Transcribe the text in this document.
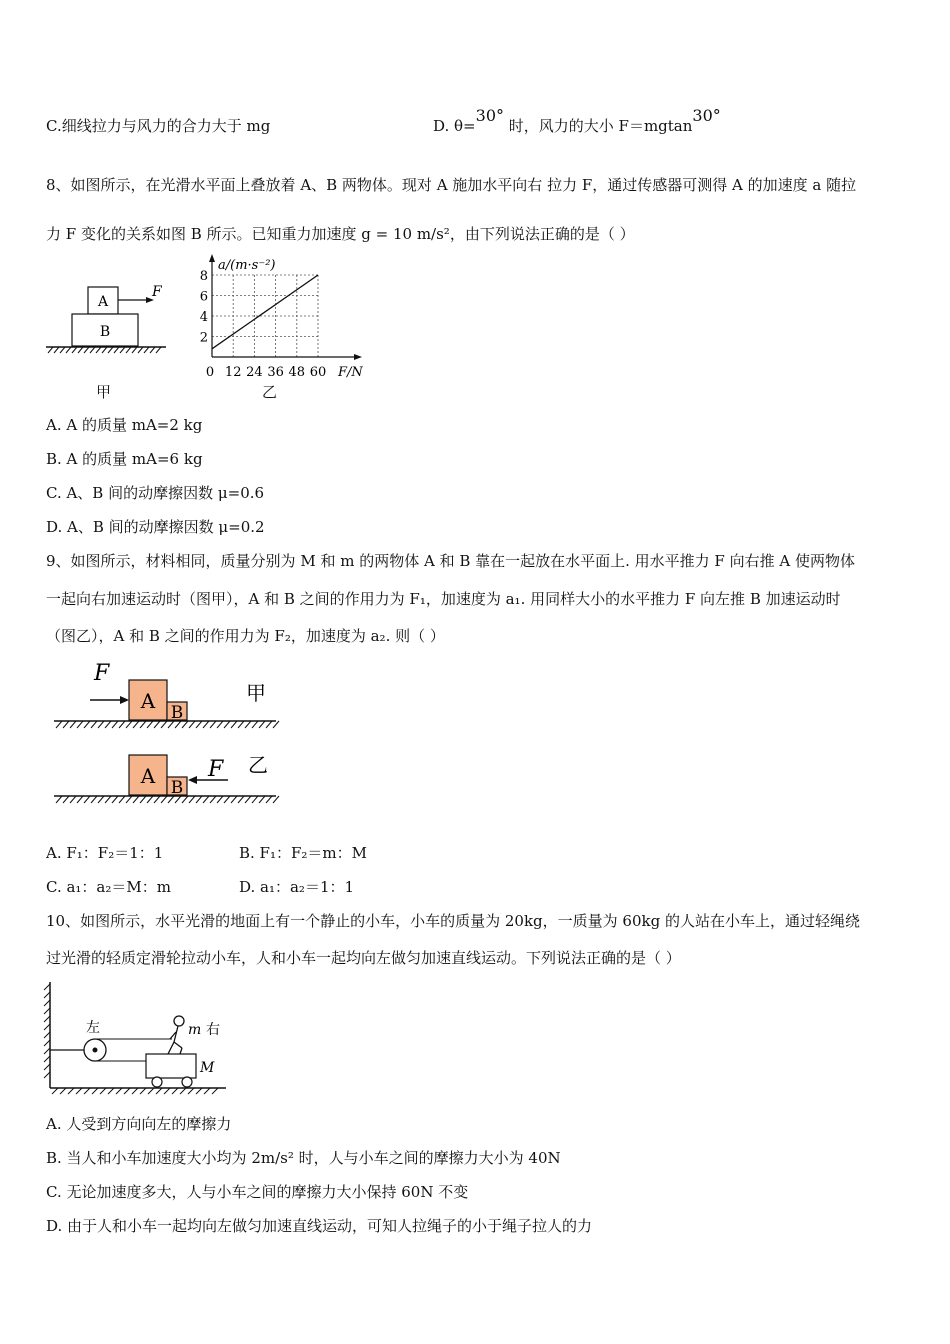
C.细线拉力与风力的合力大于 mg	D. θ=30° 时，风力的大小 F＝mgtan30°
8、如图所示，在光滑水平面上叠放着 A、B 两物体。现对 A 施加水平向右 拉力 F，通过传感器可测得 A 的加速度 a 随拉
力 F 变化的关系如图 B 所示。已知重力加速度 g = 10 m/s²，由下列说法正确的是（ ）
A
B
F
甲
a/(m·s⁻²)
F/N
0 12 24 36 48 60
2
4
6
8
乙
A. A 的质量 mA=2 kg
B. A 的质量 mA=6 kg
C. A、B 间的动摩擦因数 μ=0.6
D. A、B 间的动摩擦因数 μ=0.2
9、如图所示，材料相同，质量分别为 M 和 m 的两物体 A 和 B 靠在一起放在水平面上. 用水平推力 F 向右推 A 使两物体
一起向右加速运动时（图甲），A 和 B 之间的作用力为 F₁，加速度为 a₁. 用同样大小的水平推力 F 向左推 B 加速运动时
（图乙），A 和 B 之间的作用力为 F₂，加速度为 a₂. 则（ ）
F
A B
甲
A B
F 乙
A. F₁：F₂＝1：1	B. F₁：F₂＝m：M
C. a₁：a₂＝M：m	D. a₁：a₂＝1：1
10、如图所示，水平光滑的地面上有一个静止的小车，小车的质量为 20kg，一质量为 60kg 的人站在小车上，通过轻绳绕
过光滑的轻质定滑轮拉动小车，人和小车一起均向左做匀加速直线运动。下列说法正确的是（ ）
左	m 右
M
A. 人受到方向向左的摩擦力
B. 当人和小车加速度大小均为 2m/s² 时，人与小车之间的摩擦力大小为 40N
C. 无论加速度多大，人与小车之间的摩擦力大小保持 60N 不变
D. 由于人和小车一起均向左做匀加速直线运动，可知人拉绳子的小于绳子拉人的力
